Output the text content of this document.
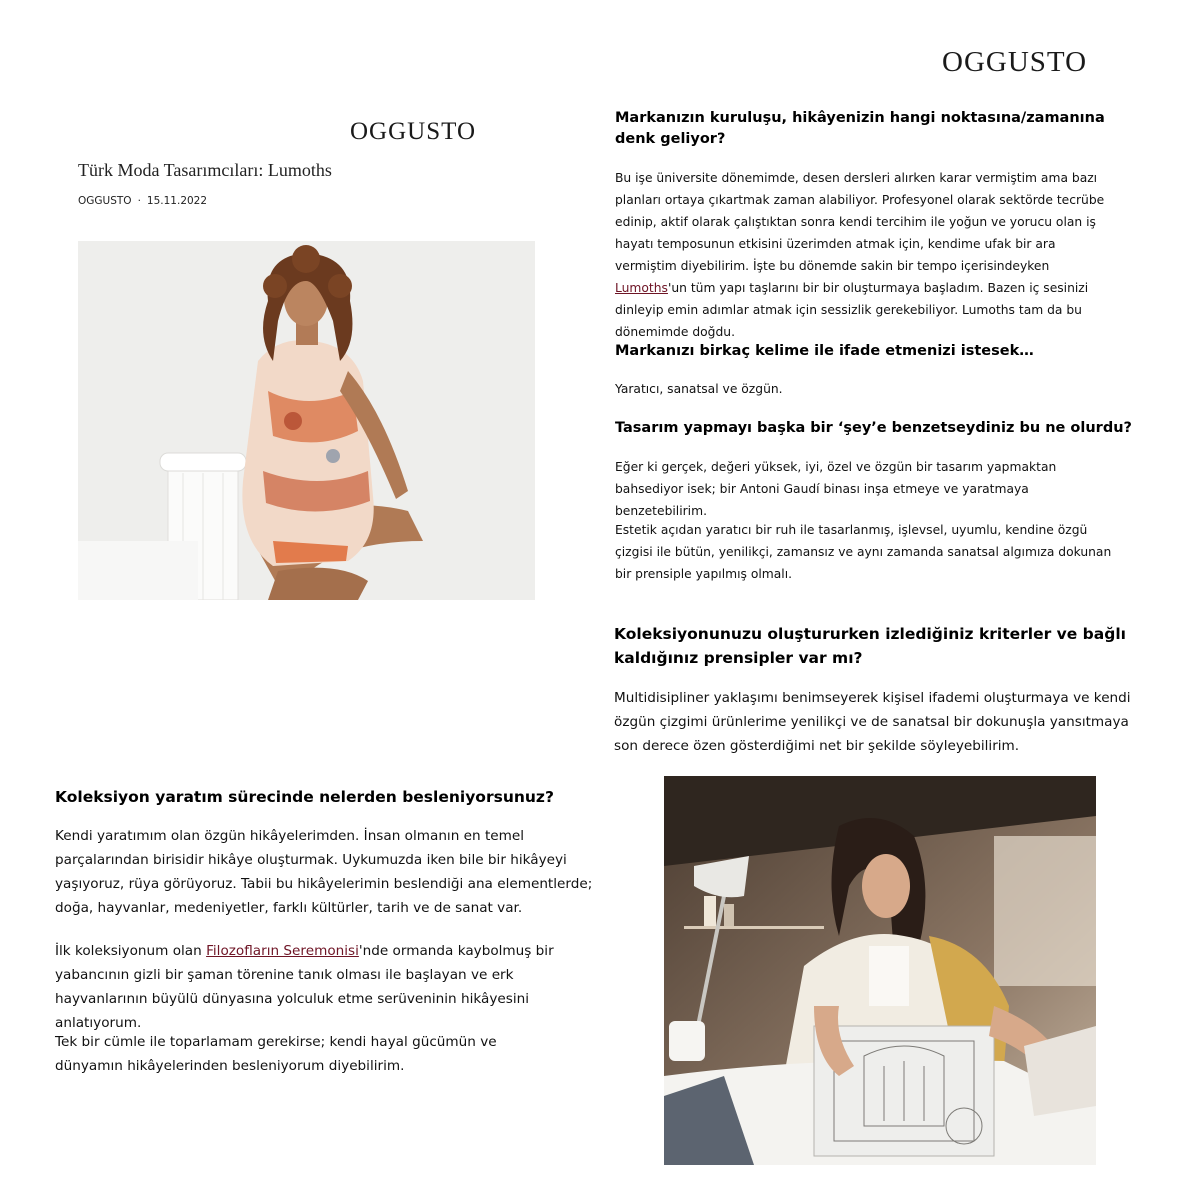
OGGUSTO
OGGUSTO
Türk Moda Tasarımcıları: Lumoths
OGGUSTO · 15.11.2022
Markanızın kuruluşu, hikâyenizin hangi noktasına/zamanına denk geliyor?

Bu işe üniversite dönemimde, desen dersleri alırken karar vermiştim ama bazı planları ortaya çıkartmak zaman alabiliyor. Profesyonel olarak sektörde tecrübe edinip, aktif olarak çalıştıktan sonra kendi tercihim ile yoğun ve yorucu olan iş hayatı temposunun etkisini üzerimden atmak için, kendime ufak bir ara vermiştim diyebilirim. İşte bu dönemde sakin bir tempo içerisindeyken Lumoths'un tüm yapı taşlarını bir bir oluşturmaya başladım. Bazen iç sesinizi dinleyip emin adımlar atmak için sessizlik gerekebiliyor. Lumoths tam da bu dönemimde doğdu.

Markanızı birkaç kelime ile ifade etmenizi istesek…

Yaratıcı, sanatsal ve özgün.

Tasarım yapmayı başka bir ‘şey’e benzetseydiniz bu ne olurdu?

Eğer ki gerçek, değeri yüksek, iyi, özel ve özgün bir tasarım yapmaktan bahsediyor isek; bir Antoni Gaudí binası inşa etmeye ve yaratmaya benzetebilirim.

Estetik açıdan yaratıcı bir ruh ile tasarlanmış, işlevsel, uyumlu, kendine özgü çizgisi ile bütün, yenilikçi, zamansız ve aynı zamanda sanatsal algımıza dokunan bir prensiple yapılmış olmalı.

Koleksiyonunuzu oluştururken izlediğiniz kriterler ve bağlı kaldığınız prensipler var mı?

Multidisipliner yaklaşımı benimseyerek kişisel ifademi oluşturmaya ve kendi özgün çizgimi ürünlerime yenilikçi ve de sanatsal bir dokunuşla yansıtmaya son derece özen gösterdiğimi net bir şekilde söyleyebilirim.

Koleksiyon yaratım sürecinde nelerden besleniyorsunuz?

Kendi yaratımım olan özgün hikâyelerimden. İnsan olmanın en temel parçalarından birisidir hikâye oluşturmak. Uykumuzda iken bile bir hikâyeyi yaşıyoruz, rüya görüyoruz. Tabii bu hikâyelerimin beslendiği ana elementlerde; doğa, hayvanlar, medeniyetler, farklı kültürler, tarih ve de sanat var.

İlk koleksiyonum olan Filozofların Seremonisi'nde ormanda kaybolmuş bir yabancının gizli bir şaman törenine tanık olması ile başlayan ve erk hayvanlarının büyülü dünyasına yolculuk etme serüveninin hikâyesini anlatıyorum.

Tek bir cümle ile toparlamam gerekirse; kendi hayal gücümün ve dünyamın hikâyelerinden besleniyorum diyebilirim.
